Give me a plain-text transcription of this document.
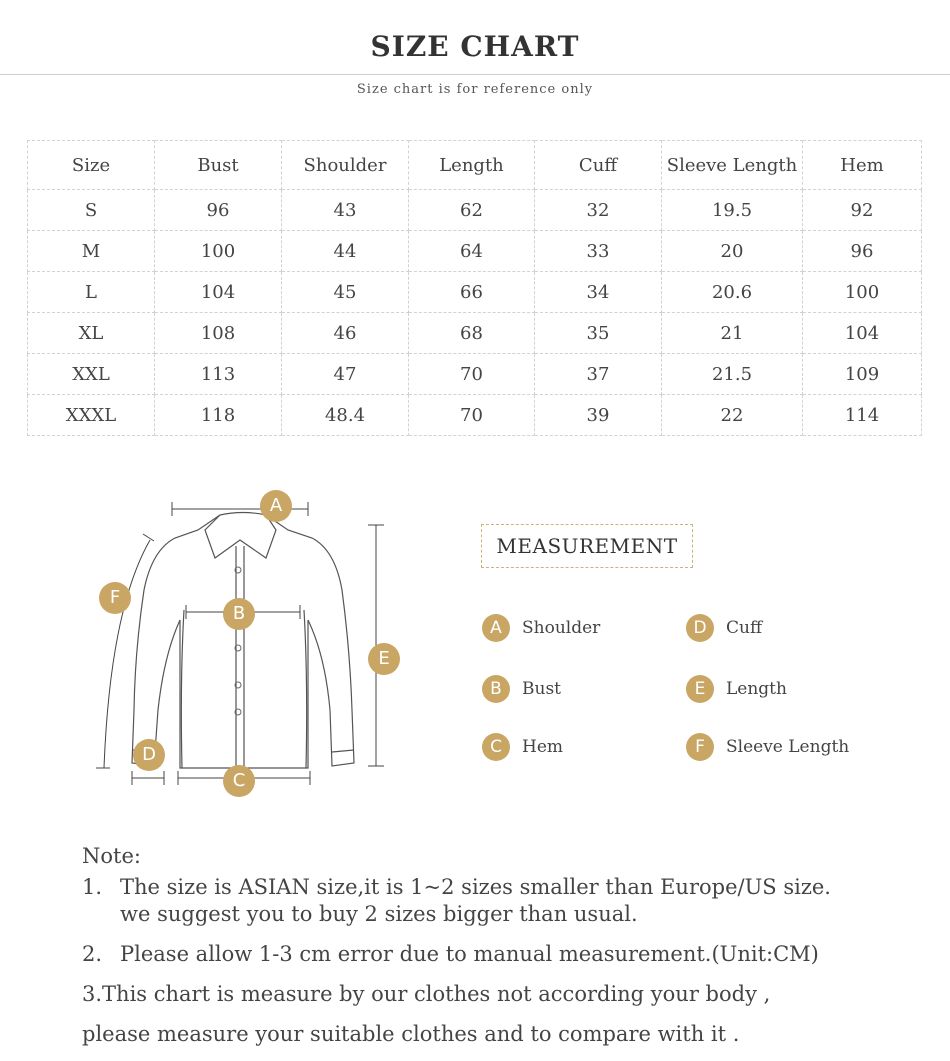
SIZE CHART
Size chart is for reference only
Size	Bust	Shoulder	Length	Cuff	Sleeve Length	Hem
S	96	43	62	32	19.5	92
M	100	44	64	33	20	96
L	104	45	66	34	20.6	100
XL	108	46	68	35	21	104
XXL	113	47	70	37	21.5	109
XXXL	118	48.4	70	39	22	114
A
B
C
D
E
F
MEASUREMENT
A	Shoulder
B	Bust
C	Hem
D	Cuff
E	Length
F	Sleeve Length
Note:
1. The size is ASIAN size,it is 1~2 sizes smaller than Europe/US size.
we suggest you to buy 2 sizes bigger than usual.
2. Please allow 1-3 cm error due to manual measurement.(Unit:CM)
3.This chart is measure by our clothes not according your body ,
please measure your suitable clothes and to compare with it .
